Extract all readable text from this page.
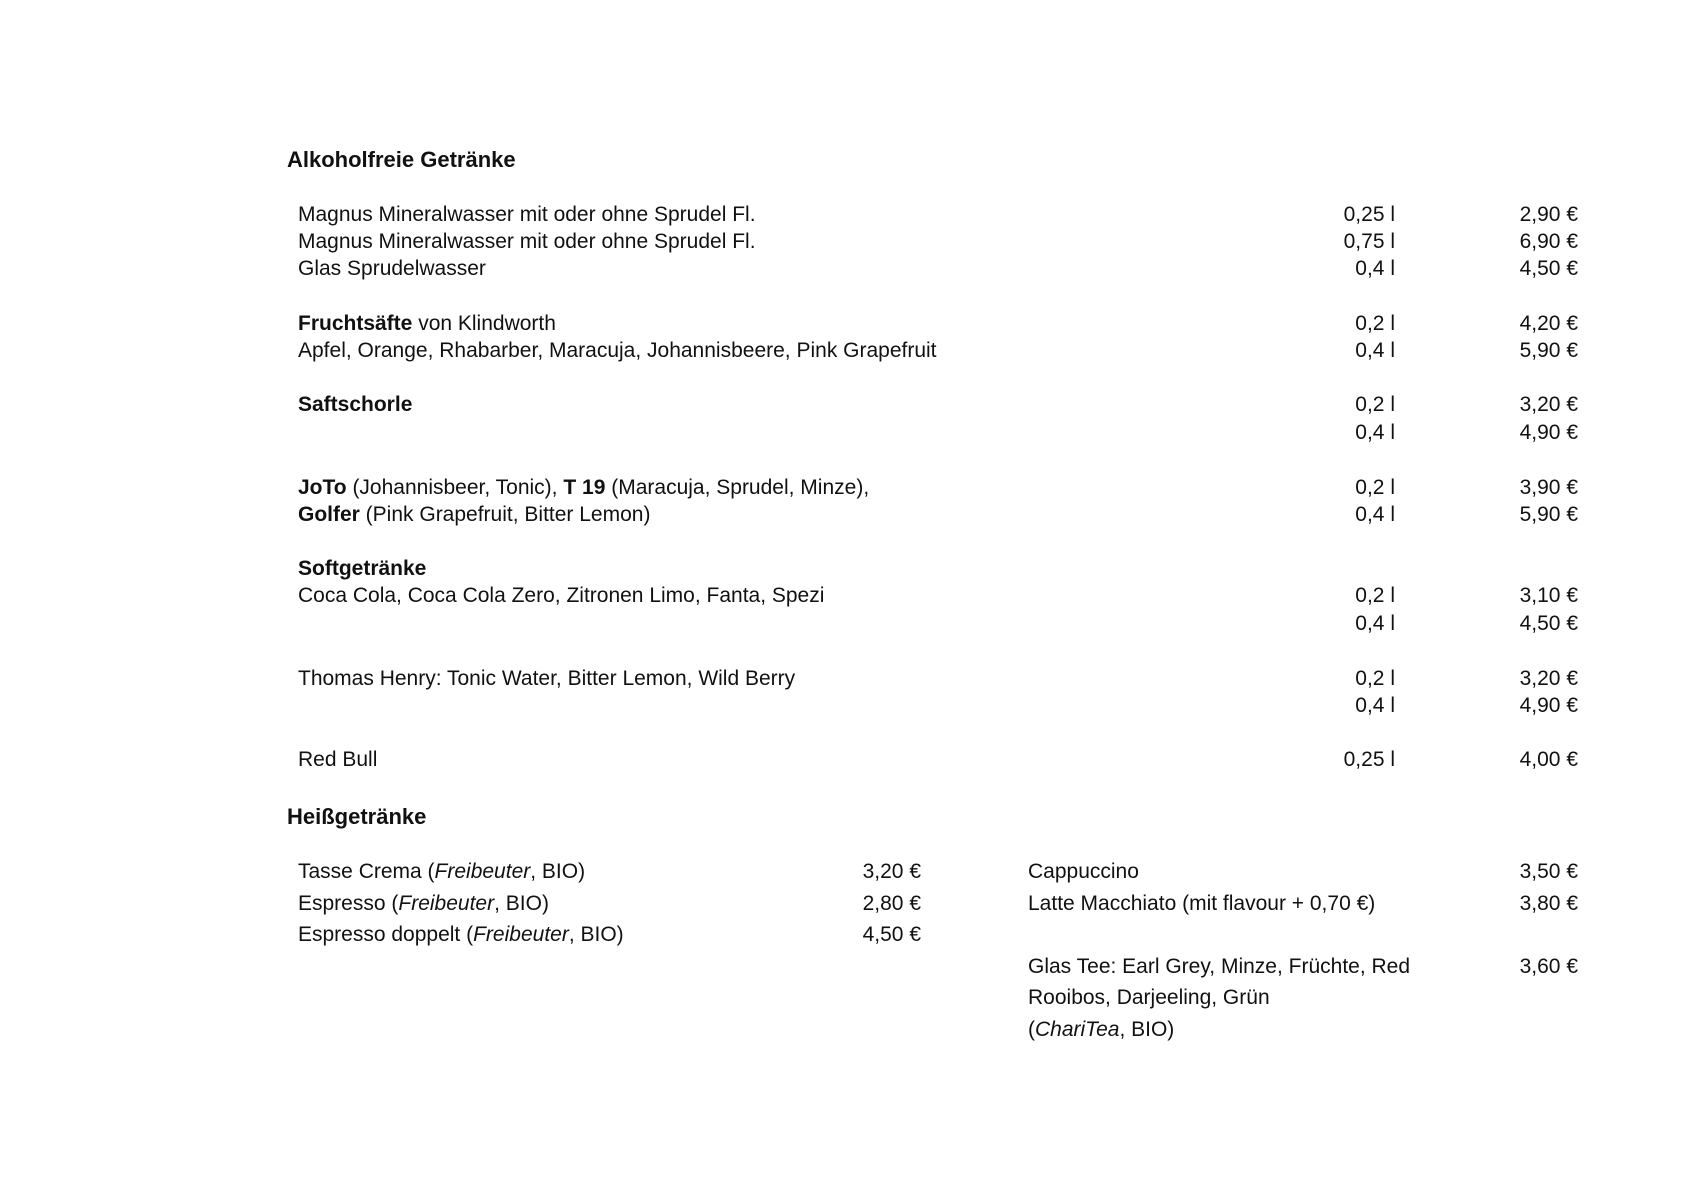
Alkoholfreie Getränke
Magnus Mineralwasser mit oder ohne Sprudel Fl.	0,25 l	2,90 €
Magnus Mineralwasser mit oder ohne Sprudel Fl.	0,75 l	6,90 €
Glas Sprudelwasser	0,4 l	4,50 €
Fruchtsäfte von Klindworth	0,2 l	4,20 €
Apfel, Orange, Rhabarber, Maracuja, Johannisbeere, Pink Grapefruit	0,4 l	5,90 €
Saftschorle	0,2 l	3,20 €
0,4 l	4,90 €
JoTo (Johannisbeer, Tonic), T 19 (Maracuja, Sprudel, Minze),	0,2 l	3,90 €
Golfer (Pink Grapefruit, Bitter Lemon)	0,4 l	5,90 €
Softgetränke
Coca Cola, Coca Cola Zero, Zitronen Limo, Fanta, Spezi	0,2 l	3,10 €
0,4 l	4,50 €
Thomas Henry: Tonic Water, Bitter Lemon, Wild Berry	0,2 l	3,20 €
0,4 l	4,90 €
Red Bull	0,25 l	4,00 €
Heißgetränke
Tasse Crema (Freibeuter, BIO)	3,20 €
Espresso (Freibeuter, BIO)	2,80 €
Espresso doppelt (Freibeuter, BIO)	4,50 €
Cappuccino	3,50 €
Latte Macchiato (mit flavour + 0,70 €)	3,80 €
Glas Tee: Earl Grey, Minze, Früchte, Red
Rooibos, Darjeeling, Grün
(ChariTea, BIO)
3,60 €
